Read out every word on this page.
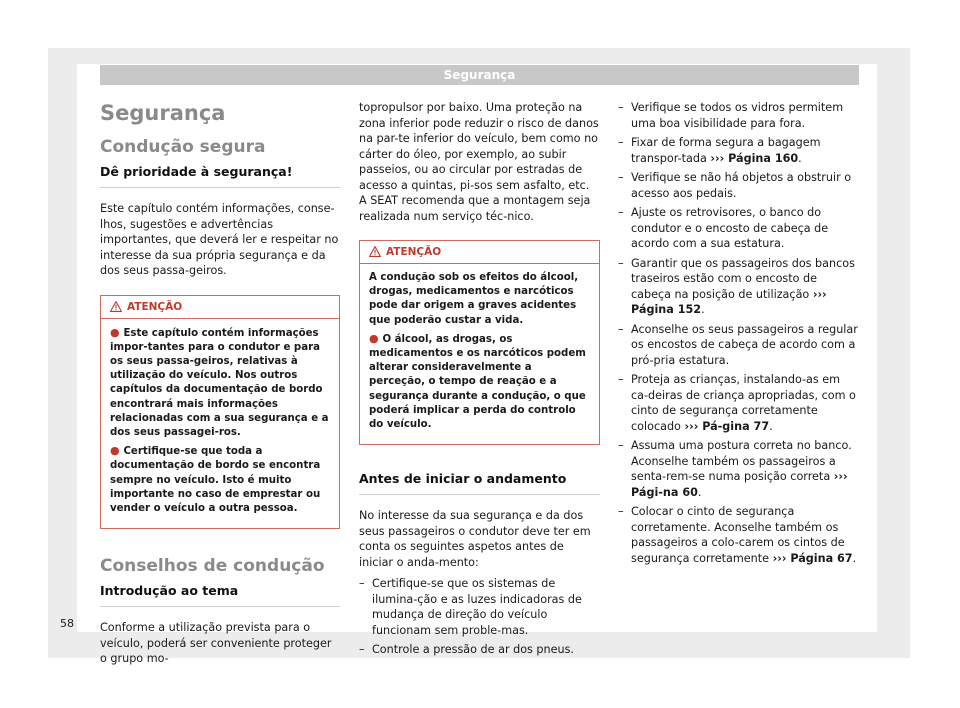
Segurança
Segurança
Condução segura
Dê prioridade à segurança!

Este capítulo contém informações, conse-lhos, sugestões e advertências importantes, que deverá ler e respeitar no interesse da sua própria segurança e da dos seus passa-geiros.

ATENÇÃO
● Este capítulo contém informações impor-tantes para o condutor e para os seus passa-geiros, relativas à utilização do veículo. Nos outros capítulos da documentação de bordo encontrará mais informações relacionadas com a sua segurança e a dos seus passagei-ros.
● Certifique-se que toda a documentação de bordo se encontra sempre no veículo. Isto é muito importante no caso de emprestar ou vender o veículo a outra pessoa.
Conselhos de condução
Introdução ao tema

Conforme a utilização prevista para o veículo, poderá ser conveniente proteger o grupo mo-

topropulsor por baixo. Uma proteção na zona inferior pode reduzir o risco de danos na par-te inferior do veículo, bem como no cárter do óleo, por exemplo, ao subir passeios, ou ao circular por estradas de acesso a quintas, pi-sos sem asfalto, etc. A SEAT recomenda que a montagem seja realizada num serviço téc-nico.

ATENÇÃO
A condução sob os efeitos do álcool, drogas, medicamentos e narcóticos pode dar origem a graves acidentes que poderão custar a vida.
● O álcool, as drogas, os medicamentos e os narcóticos podem alterar consideravelmente a perceção, o tempo de reação e a segurança durante a condução, o que poderá implicar a perda do controlo do veículo.
Antes de iniciar o andamento

No interesse da sua segurança e da dos seus passageiros o condutor deve ter em conta os seguintes aspetos antes de iniciar o anda-mento:

– Certifique-se que os sistemas de ilumina-ção e as luzes indicadoras de mudança de direção do veículo funcionam sem proble-mas.
– Controle a pressão de ar dos pneus.
– Verifique se todos os vidros permitem uma boa visibilidade para fora.
– Fixar de forma segura a bagagem transpor-tada ››› Página 160.
– Verifique se não há objetos a obstruir o acesso aos pedais.
– Ajuste os retrovisores, o banco do condutor e o encosto de cabeça de acordo com a sua estatura.
– Garantir que os passageiros dos bancos traseiros estão com o encosto de cabeça na posição de utilização ››› Página 152.
– Aconselhe os seus passageiros a regular os encostos de cabeça de acordo com a pró-pria estatura.
– Proteja as crianças, instalando-as em ca-deiras de criança apropriadas, com o cinto de segurança corretamente colocado ››› Pá-gina 77.
– Assuma uma postura correta no banco. Aconselhe também os passageiros a senta-rem-se numa posição correta ››› Pági-na 60.
– Colocar o cinto de segurança corretamente. Aconselhe também os passageiros a colo-carem os cintos de segurança corretamente ››› Página 67.
58
